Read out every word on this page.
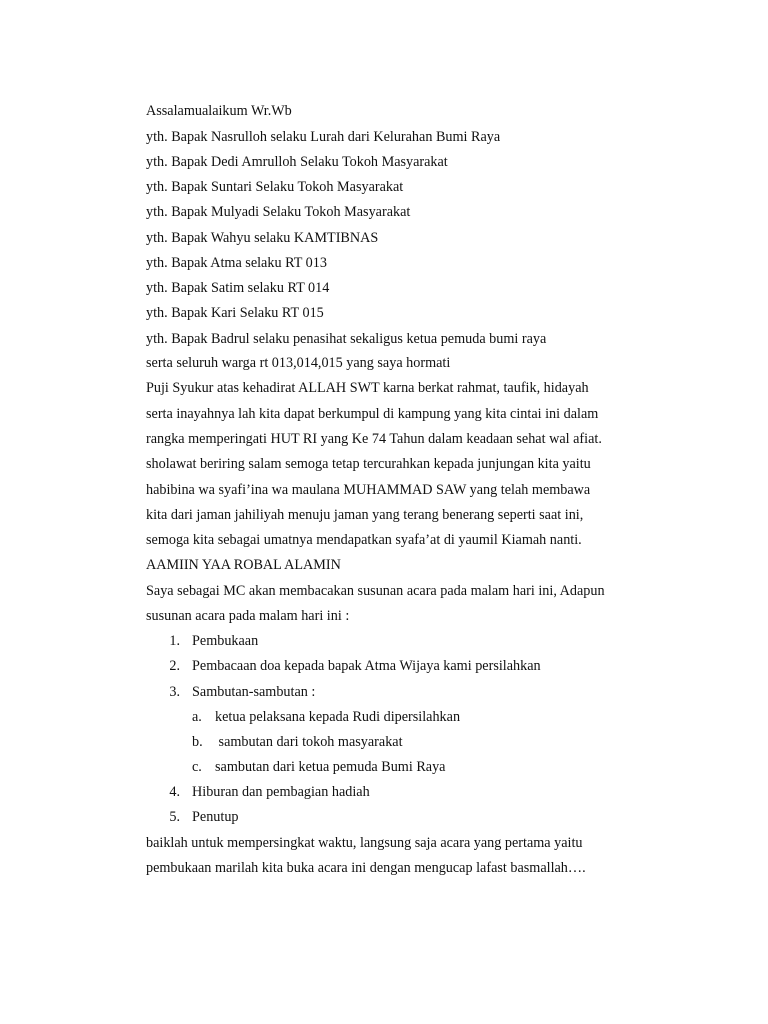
Assalamualaikum Wr.Wb
yth. Bapak Nasrulloh selaku Lurah dari Kelurahan Bumi Raya
yth. Bapak Dedi Amrulloh Selaku Tokoh Masyarakat
yth. Bapak Suntari Selaku Tokoh Masyarakat
yth. Bapak Mulyadi Selaku Tokoh Masyarakat
yth. Bapak Wahyu selaku KAMTIBNAS
yth. Bapak Atma selaku RT 013
yth. Bapak Satim selaku RT 014
yth. Bapak Kari Selaku RT 015
yth. Bapak Badrul selaku penasihat sekaligus ketua pemuda bumi raya
serta seluruh warga rt 013,014,015 yang saya hormati
Puji Syukur atas kehadirat ALLAH SWT karna berkat rahmat, taufik, hidayah
serta inayahnya lah kita dapat berkumpul di kampung yang kita cintai ini dalam
rangka memperingati HUT RI yang Ke 74 Tahun dalam keadaan sehat wal afiat.
sholawat beriring salam semoga tetap tercurahkan kepada junjungan kita yaitu
habibina wa syafi’ina wa maulana MUHAMMAD SAW yang telah membawa
kita dari jaman jahiliyah menuju jaman yang terang benerang seperti saat ini,
semoga kita sebagai umatnya mendapatkan syafa’at di yaumil Kiamah nanti.
AAMIIN YAA ROBAL ALAMIN
Saya sebagai MC akan membacakan susunan acara pada malam hari ini, Adapun
susunan acara pada malam hari ini :
1. Pembukaan
2. Pembacaan doa kepada bapak Atma Wijaya kami persilahkan
3. Sambutan-sambutan :
a. ketua pelaksana kepada Rudi dipersilahkan
b. sambutan dari tokoh masyarakat
c. sambutan dari ketua pemuda Bumi Raya
4. Hiburan dan pembagian hadiah
5. Penutup
baiklah untuk mempersingkat waktu, langsung saja acara yang pertama yaitu
pembukaan marilah kita buka acara ini dengan mengucap lafast basmallah….
